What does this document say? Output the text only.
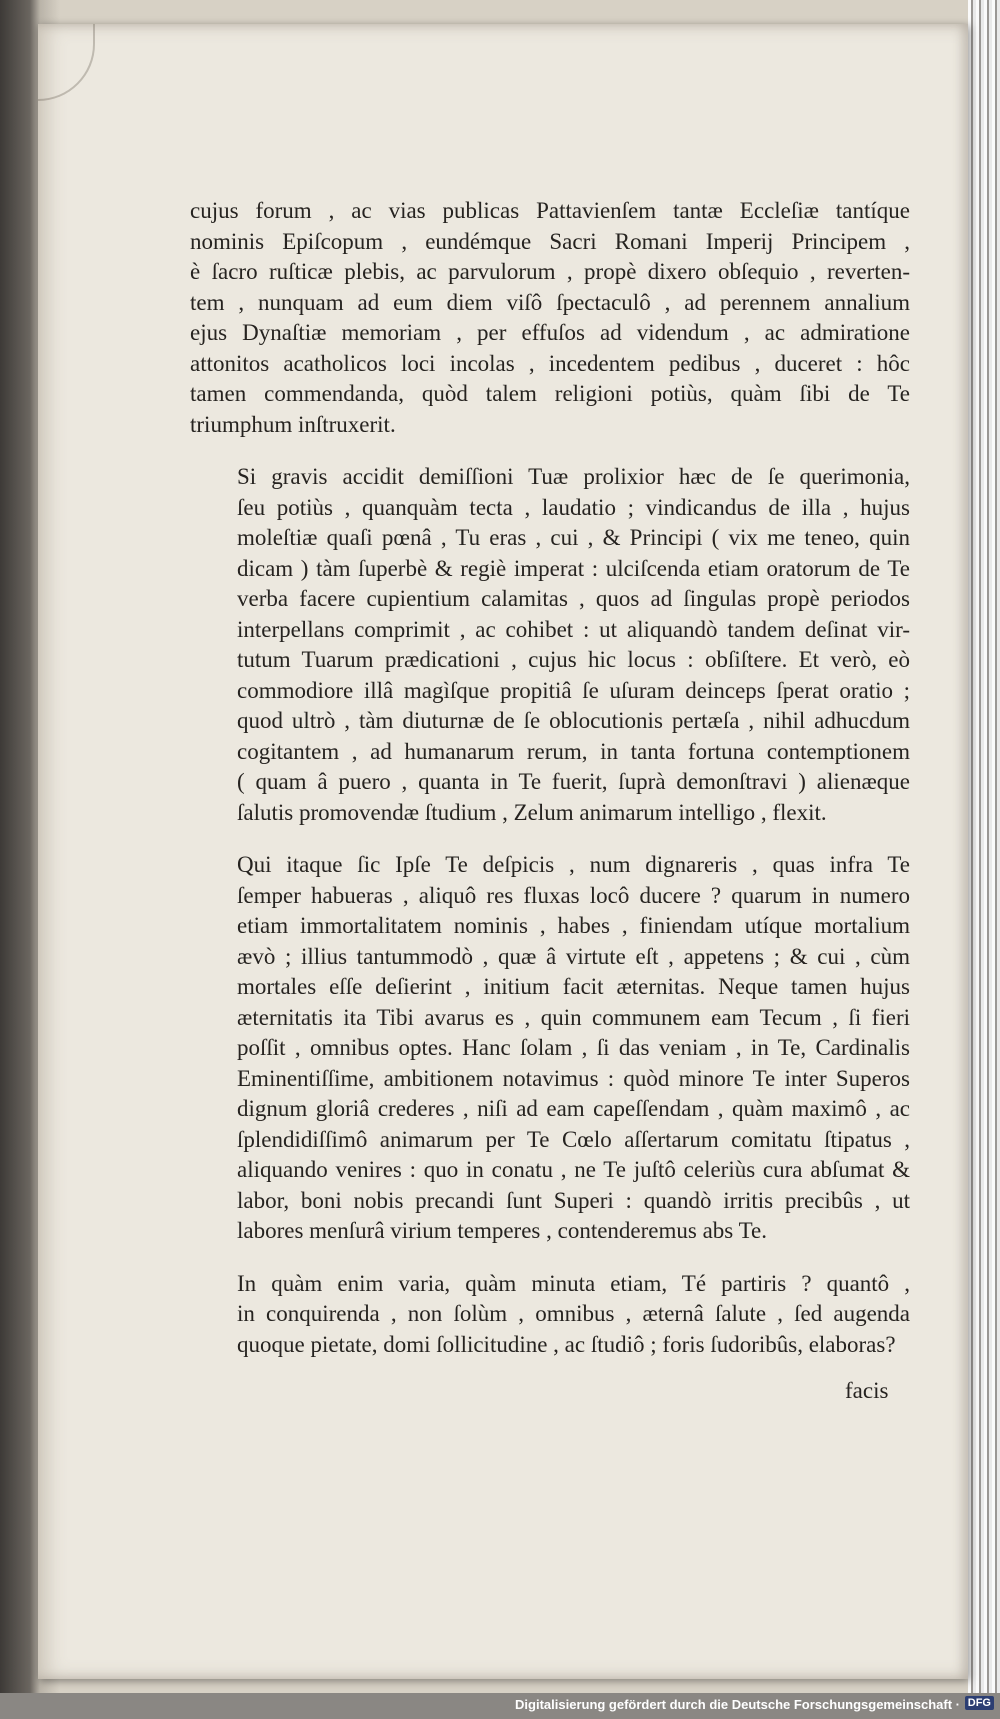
cujus forum , ac vias publicas Pattavienſem tantæ Eccleſiæ tantíque
nominis Epiſcopum , eundémque Sacri Romani Imperij Principem ,
è ſacro ruſticæ plebis, ac parvulorum , propè dixero obſequio , reverten-
tem , nunquam ad eum diem viſô ſpectaculô , ad perennem annalium
ejus Dynaſtiæ memoriam , per effuſos ad videndum , ac admiratione
attonitos acatholicos loci incolas , incedentem pedibus , duceret : hôc
tamen commendanda, quòd talem religioni potiùs, quàm ſibi de Te
triumphum inſtruxerit.

Si gravis accidit demiſſioni Tuæ prolixior hæc de ſe querimonia,
ſeu potiùs , quanquàm tecta , laudatio ; vindicandus de illa , hujus
moleſtiæ quaſi pœnâ , Tu eras , cui , & Principi ( vix me teneo, quin
dicam ) tàm ſuperbè & regiè imperat : ulciſcenda etiam oratorum de Te
verba facere cupientium calamitas , quos ad ſingulas propè periodos
interpellans comprimit , ac cohibet : ut aliquandò tandem deſinat vir-
tutum Tuarum prædicationi , cujus hic locus : obſiſtere. Et verò, eò
commodiore illâ magìſque propitiâ ſe uſuram deinceps ſperat oratio ;
quod ultrò , tàm diuturnæ de ſe oblocutionis pertæſa , nihil adhucdum
cogitantem , ad humanarum rerum, in tanta fortuna contemptionem
( quam â puero , quanta in Te fuerit, ſuprà demonſtravi ) alienæque
ſalutis promovendæ ſtudium , Zelum animarum intelligo , flexit.

Qui itaque ſic Ipſe Te deſpicis , num dignareris , quas infra Te
ſemper habueras , aliquô res fluxas locô ducere ? quarum in numero
etiam immortalitatem nominis , habes , finiendam utíque mortalium
ævò ; illius tantummodò , quæ â virtute eſt , appetens ; & cui , cùm
mortales eſſe deſierint , initium facit æternitas. Neque tamen hujus
æternitatis ita Tibi avarus es , quin communem eam Tecum , ſi fieri
poſſit , omnibus optes. Hanc ſolam , ſi das veniam , in Te, Cardinalis
Eminentiſſime, ambitionem notavimus : quòd minore Te inter Superos
dignum gloriâ crederes , niſi ad eam capeſſendam , quàm maximô , ac
ſplendidiſſimô animarum per Te Cœlo aſſertarum comitatu ſtipatus ,
aliquando venires : quo in conatu , ne Te juſtô celeriùs cura abſumat &
labor, boni nobis precandi ſunt Superi : quandò irritis precibûs , ut
labores menſurâ virium temperes , contenderemus abs Te.

In quàm enim varia, quàm minuta etiam, Té partiris ? quantô ,
in conquirenda , non ſolùm , omnibus , æternâ ſalute , ſed augenda
quoque pietate, domi ſollicitudine , ac ſtudiô ; foris ſudoribûs, elaboras?

facis
Digitalisierung gefördert durch die Deutsche Forschungsgemeinschaft · DFG
